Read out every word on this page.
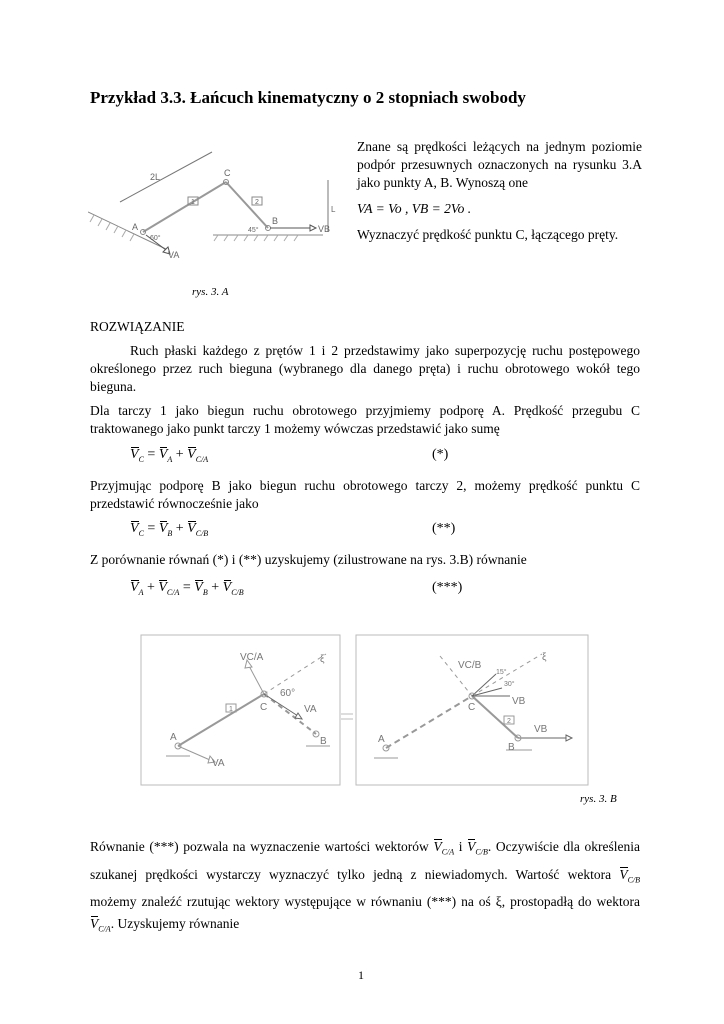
Przykład 3.3. Łańcuch kinematyczny o 2 stopniach swobody
2L
1	2
A
B
C
60°
45°
VA
VB
L
rys. 3. A
Znane są prędkości leżących na jednym poziomie podpór przesuwnych oznaczonych na rysunku 3.A jako punkty A, B. Wynoszą one
VA = Vo , VB = 2Vo .
Wyznaczyć prędkość punktu C, łączącego pręty.
ROZWIĄZANIE
Ruch płaski każdego z prętów 1 i 2 przedstawimy jako superpozycję ruchu postępowego określonego przez ruch bieguna (wybranego dla danego pręta) i ruchu obrotowego wokół tego bieguna.
Dla tarczy 1 jako biegun ruchu obrotowego przyjmiemy podporę A. Prędkość przegubu C traktowanego jako punkt tarczy 1 możemy wówczas przedstawić jako sumę
$V_C = V_A + V_{C/A}$	(*)
Przyjmując podporę B jako biegun ruchu obrotowego tarczy 2, możemy prędkość punktu C przedstawić równocześnie jako
$V_C = V_B + V_{C/B}$	(**)
Z porównanie równań (*) i (**) uzyskujemy (zilustrowane na rys. 3.B) równanie
$V_A + V_{C/A} = V_B + V_{C/B}$	(***)
VC/A	ξ
C
60°
1	VA
B
A
VA
VC/B
ξ
15°
30°
VB
C
2
B
A
VB
rys. 3. B
Równanie (***) pozwala na wyznaczenie wartości wektorów $V_{C/A}$ i $V_{C/B}$. Oczywiście dla określenia szukanej prędkości wystarczy wyznaczyć tylko jedną z niewiadomych. Wartość wektora $V_{C/B}$ możemy znaleźć rzutując wektory występujące w równaniu (***) na oś ξ, prostopadłą do wektora $V_{C/A}$. Uzyskujemy równanie
1
